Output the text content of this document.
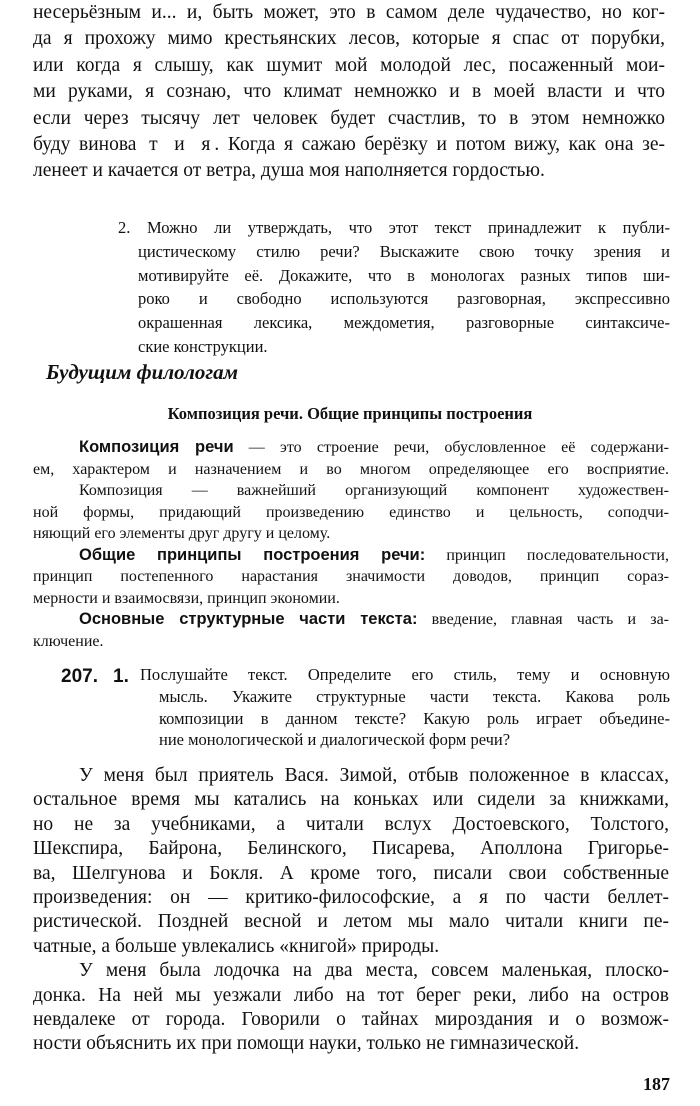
несерьёзным и... и, быть может, это в самом деле чудачество, но ког-
да я прохожу мимо крестьянских лесов, которые я спас от порубки,
или когда я слышу, как шумит мой молодой лес, посаженный мои-
ми руками, я сознаю, что климат немножко и в моей власти и что
если через тысячу лет человек будет счастлив, то в этом немножко
буду винова т и я. Когда я сажаю берёзку и потом вижу, как она зе-
ленеет и качается от ветра, душа моя наполняется гордостью.
2. Можно ли утверждать, что этот текст принадлежит к публи-
цистическому стилю речи? Выскажите свою точку зрения и
мотивируйте её. Докажите, что в монологах разных типов ши-
роко и свободно используются разговорная, экспрессивно
окрашенная лексика, междометия, разговорные синтаксиче-
ские конструкции.
Будущим филологам
Композиция речи. Общие принципы построения
Композиция речи — это строение речи, обусловленное её содержани-
ем, характером и назначением и во многом определяющее его восприятие.
Композиция — важнейший организующий компонент художествен-
ной формы, придающий произведению единство и цельность, соподчи-
няющий его элементы друг другу и целому.
Общие принципы построения речи: принцип последовательности,
принцип постепенного нарастания значимости доводов, принцип сораз-
мерности и взаимосвязи, принцип экономии.
Основные структурные части текста: введение, главная часть и за-
ключение.
207. 1. Послушайте текст. Определите его стиль, тему и основную
мысль. Укажите структурные части текста. Какова роль
композиции в данном тексте? Какую роль играет объедине-
ние монологической и диалогической форм речи?
У меня был приятель Вася. Зимой, отбыв положенное в классах,
остальное время мы катались на коньках или сидели за книжками,
но не за учебниками, а читали вслух Достоевского, Толстого,
Шекспира, Байрона, Белинского, Писарева, Аполлона Григорье-
ва, Шелгунова и Бокля. А кроме того, писали свои собственные
произведения: он — критико-философские, а я по части беллет-
ристической. Поздней весной и летом мы мало читали книги пе-
чатные, а больше увлекались «книгой» природы.
У меня была лодочка на два места, совсем маленькая, плоско-
донка. На ней мы уезжали либо на тот берег реки, либо на остров
невдалеке от города. Говорили о тайнах мироздания и о возмож-
ности объяснить их при помощи науки, только не гимназической.
187
